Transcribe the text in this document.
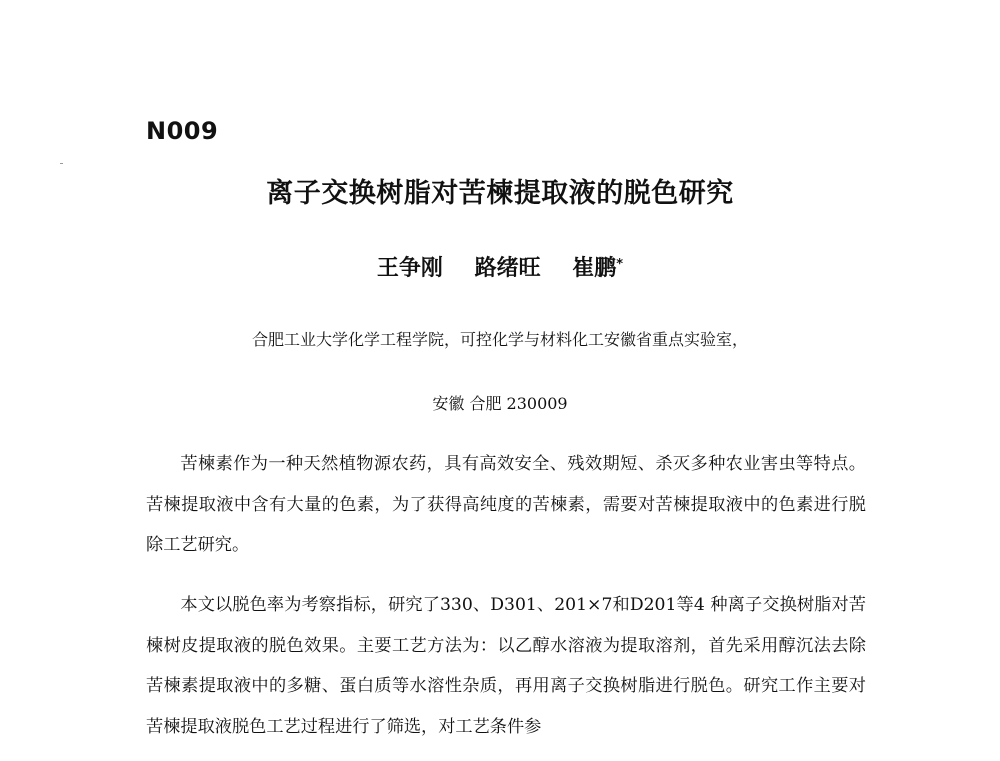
N009
离子交换树脂对苦楝提取液的脱色研究
王争刚 路绪旺 崔鹏*
合肥工业大学化学工程学院，可控化学与材料化工安徽省重点实验室，
安徽 合肥 230009

苦楝素作为一种天然植物源农药，具有高效安全、残效期短、杀灭多种农业害虫等特点。苦楝提取液中含有大量的色素，为了获得高纯度的苦楝素，需要对苦楝提取液中的色素进行脱除工艺研究。

本文以脱色率为考察指标，研究了330、D301、201×7和D201等4 种离子交换树脂对苦楝树皮提取液的脱色效果。主要工艺方法为：以乙醇水溶液为提取溶剂，首先采用醇沉法去除苦楝素提取液中的多糖、蛋白质等水溶性杂质，再用离子交换树脂进行脱色。研究工作主要对苦楝提取液脱色工艺过程进行了筛选，对工艺条件参
